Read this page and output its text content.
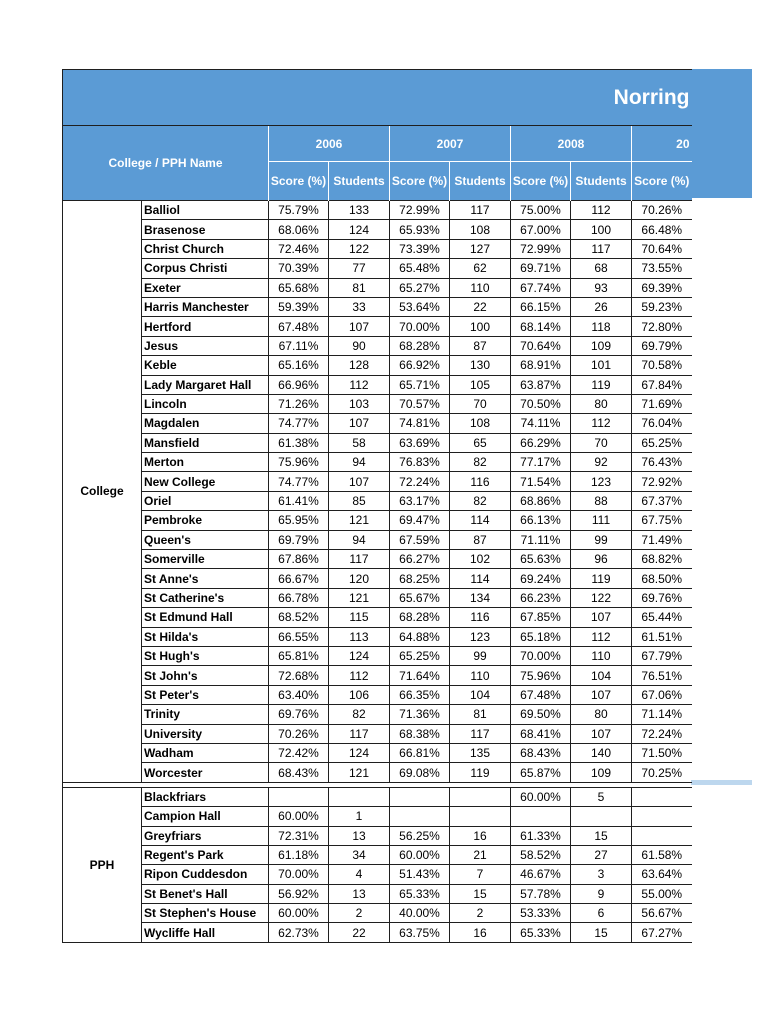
Norring								
College / PPH Name		2006		2007		2008		20
		Score (%)	Students	Score (%)	Students	Score (%)	Students	Score (%)
College	Balliol	75.79%	133	72.99%	117	75.00%	112	70.26%
	Brasenose	68.06%	124	65.93%	108	67.00%	100	66.48%
	Christ Church	72.46%	122	73.39%	127	72.99%	117	70.64%
	Corpus Christi	70.39%	77	65.48%	62	69.71%	68	73.55%
	Exeter	65.68%	81	65.27%	110	67.74%	93	69.39%
	Harris Manchester	59.39%	33	53.64%	22	66.15%	26	59.23%
	Hertford	67.48%	107	70.00%	100	68.14%	118	72.80%
	Jesus	67.11%	90	68.28%	87	70.64%	109	69.79%
	Keble	65.16%	128	66.92%	130	68.91%	101	70.58%
	Lady Margaret Hall	66.96%	112	65.71%	105	63.87%	119	67.84%
	Lincoln	71.26%	103	70.57%	70	70.50%	80	71.69%
	Magdalen	74.77%	107	74.81%	108	74.11%	112	76.04%
	Mansfield	61.38%	58	63.69%	65	66.29%	70	65.25%
	Merton	75.96%	94	76.83%	82	77.17%	92	76.43%
	New College	74.77%	107	72.24%	116	71.54%	123	72.92%
	Oriel	61.41%	85	63.17%	82	68.86%	88	67.37%
	Pembroke	65.95%	121	69.47%	114	66.13%	111	67.75%
	Queen's	69.79%	94	67.59%	87	71.11%	99	71.49%
	Somerville	67.86%	117	66.27%	102	65.63%	96	68.82%
	St Anne's	66.67%	120	68.25%	114	69.24%	119	68.50%
	St Catherine's	66.78%	121	65.67%	134	66.23%	122	69.76%
	St Edmund Hall	68.52%	115	68.28%	116	67.85%	107	65.44%
	St Hilda's	66.55%	113	64.88%	123	65.18%	112	61.51%
	St Hugh's	65.81%	124	65.25%	99	70.00%	110	67.79%
	St John's	72.68%	112	71.64%	110	75.96%	104	76.51%
	St Peter's	63.40%	106	66.35%	104	67.48%	107	67.06%
	Trinity	69.76%	82	71.36%	81	69.50%	80	71.14%
	University	70.26%	117	68.38%	117	68.41%	107	72.24%
	Wadham	72.42%	124	66.81%	135	68.43%	140	71.50%
	Worcester	68.43%	121	69.08%	119	65.87%	109	70.25%

PPH	Blackfriars					60.00%	5	
	Campion Hall	60.00%	1					
	Greyfriars	72.31%	13	56.25%	16	61.33%	15	
	Regent's Park	61.18%	34	60.00%	21	58.52%	27	61.58%
	Ripon Cuddesdon	70.00%	4	51.43%	7	46.67%	3	63.64%
	St Benet's Hall	56.92%	13	65.33%	15	57.78%	9	55.00%
	St Stephen's House	60.00%	2	40.00%	2	53.33%	6	56.67%
	Wycliffe Hall	62.73%	22	63.75%	16	65.33%	15	67.27%
